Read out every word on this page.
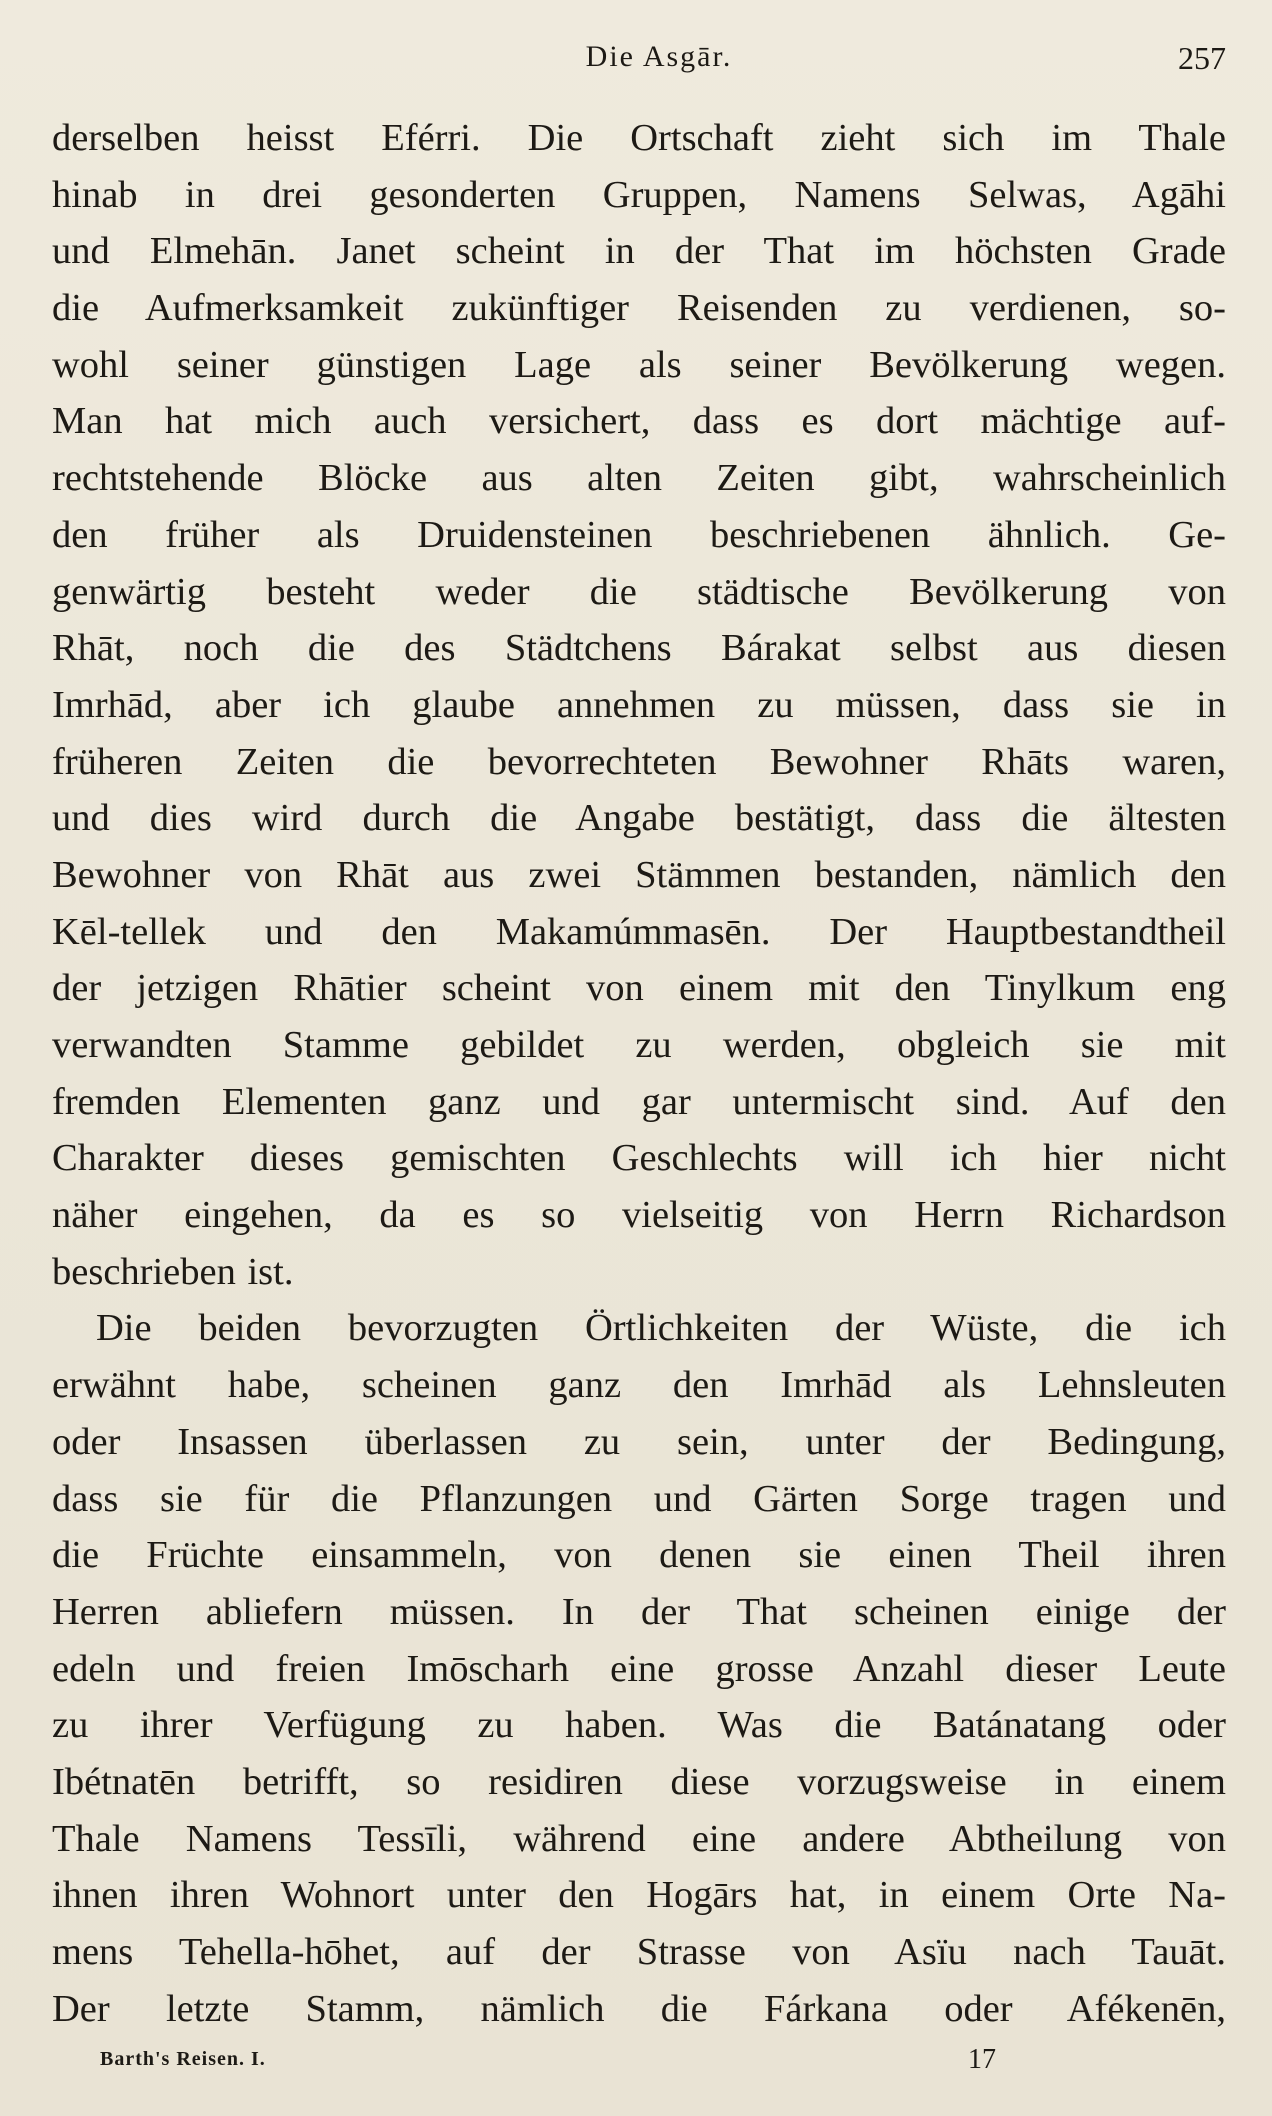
Die Asgār.	257
derselben heisst Eférri. Die Ortschaft zieht sich im Thale
hinab in drei gesonderten Gruppen, Namens Selwas, Agāhi
und Elmehān. Janet scheint in der That im höchsten Grade
die Aufmerksamkeit zukünftiger Reisenden zu verdienen, so-
wohl seiner günstigen Lage als seiner Bevölkerung wegen.
Man hat mich auch versichert, dass es dort mächtige auf-
rechtstehende Blöcke aus alten Zeiten gibt, wahrscheinlich
den früher als Druidensteinen beschriebenen ähnlich. Ge-
genwärtig besteht weder die städtische Bevölkerung von
Rhāt, noch die des Städtchens Bárakat selbst aus diesen
Imrhād, aber ich glaube annehmen zu müssen, dass sie in
früheren Zeiten die bevorrechteten Bewohner Rhāts waren,
und dies wird durch die Angabe bestätigt, dass die ältesten
Bewohner von Rhāt aus zwei Stämmen bestanden, nämlich den
Kēl-tellek und den Makamúmmasēn. Der Hauptbestandtheil
der jetzigen Rhātier scheint von einem mit den Tinylkum eng
verwandten Stamme gebildet zu werden, obgleich sie mit
fremden Elementen ganz und gar untermischt sind. Auf den
Charakter dieses gemischten Geschlechts will ich hier nicht
näher eingehen, da es so vielseitig von Herrn Richardson
beschrieben ist.
Die beiden bevorzugten Örtlichkeiten der Wüste, die ich
erwähnt habe, scheinen ganz den Imrhād als Lehnsleuten
oder Insassen überlassen zu sein, unter der Bedingung,
dass sie für die Pflanzungen und Gärten Sorge tragen und
die Früchte einsammeln, von denen sie einen Theil ihren
Herren abliefern müssen. In der That scheinen einige der
edeln und freien Imōscharh eine grosse Anzahl dieser Leute
zu ihrer Verfügung zu haben. Was die Batánatang oder
Ibétnatēn betrifft, so residiren diese vorzugsweise in einem
Thale Namens Tessīli, während eine andere Abtheilung von
ihnen ihren Wohnort unter den Hogārs hat, in einem Orte Na-
mens Tehella-hōhet, auf der Strasse von Asïu nach Tauāt.
Der letzte Stamm, nämlich die Fárkana oder Afékenēn,
Barth's Reisen. I.	17
